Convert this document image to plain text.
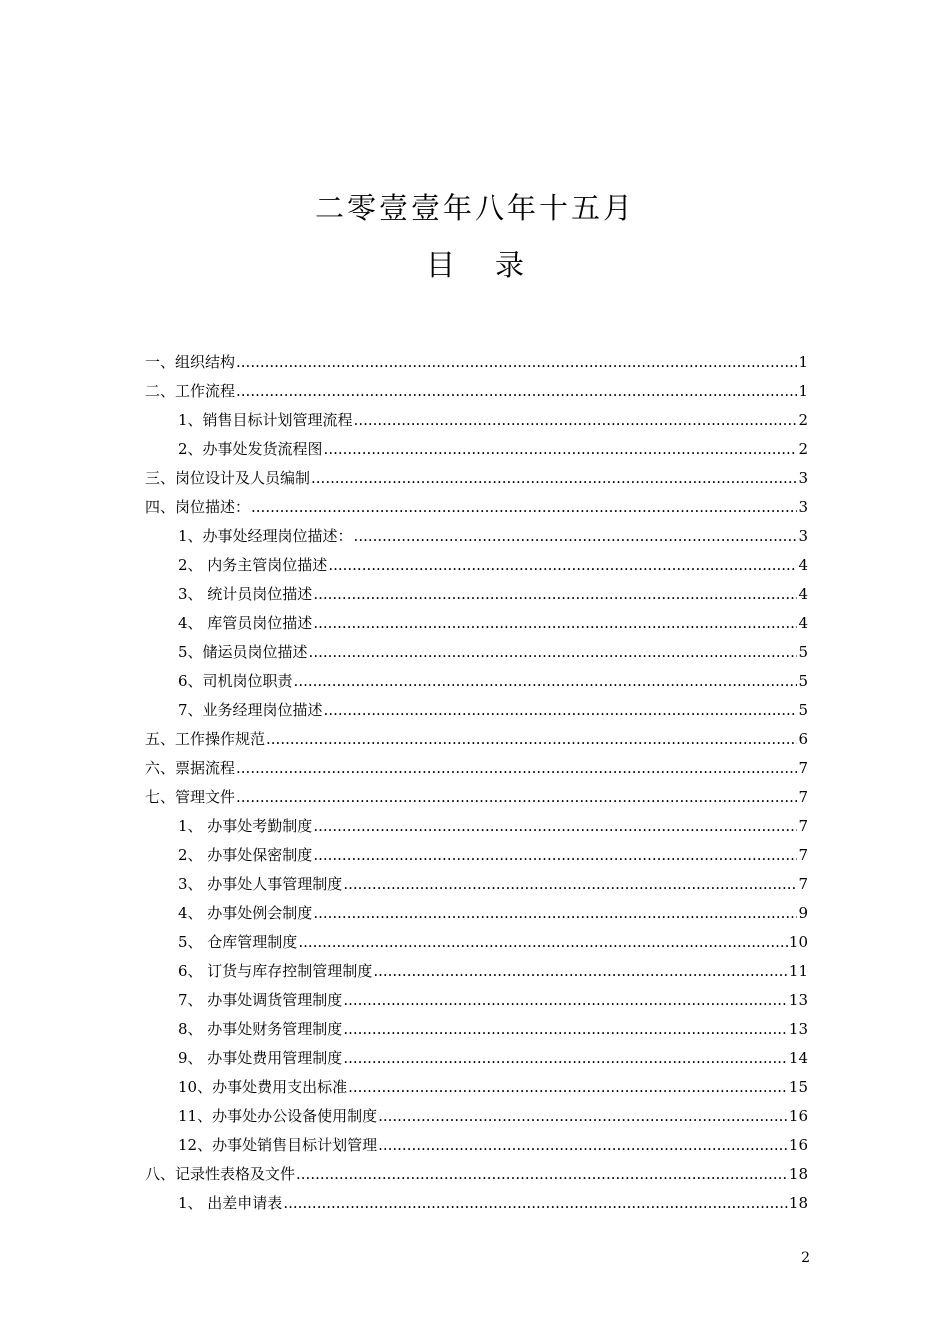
二零壹壹年八年十五月
目 录
一、组织结构 .....	1
二、工作流程 .....	1
1、销售目标计划管理流程 .....	2
2、办事处发货流程图 .....	2
三、岗位设计及人员编制 .....	3
四、岗位描述： .....	3
1、办事处经理岗位描述： .....	3
2、 内务主管岗位描述 .....	4
3、 统计员岗位描述 .....	4
4、 库管员岗位描述 .....	4
5、储运员岗位描述 .....	5
6、司机岗位职责 .....	5
7、业务经理岗位描述 .....	5
五、工作操作规范 .....	6
六、票据流程 .....	7
七、管理文件 .....	7
1、 办事处考勤制度 .....	7
2、 办事处保密制度 .....	7
3、 办事处人事管理制度 .....	7
4、 办事处例会制度 .....	9
5、 仓库管理制度 .....	10
6、 订货与库存控制管理制度 .....	11
7、 办事处调货管理制度 .....	13
8、 办事处财务管理制度 .....	13
9、 办事处费用管理制度 .....	14
10、办事处费用支出标准 .....	15
11、办事处办公设备使用制度 .....	16
12、办事处销售目标计划管理 .....	16
八、记录性表格及文件 .....	18
1、 出差申请表 .....	18
2
